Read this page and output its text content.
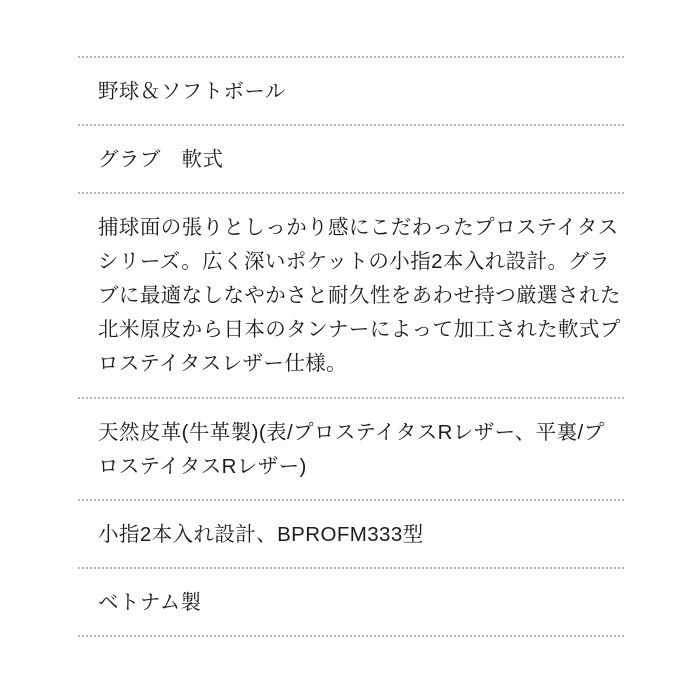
野球＆ソフトボール
グラブ　軟式
捕球面の張りとしっかり感にこだわったプロステイタスシリーズ。広く深いポケットの小指2本入れ設計。グラブに最適なしなやかさと耐久性をあわせ持つ厳選された北米原皮から日本のタンナーによって加工された軟式プロステイタスレザー仕様。
天然皮革(牛革製)(表/プロステイタスRレザー、平裏/プロステイタスRレザー)
小指2本入れ設計、BPROFM333型
ベトナム製
